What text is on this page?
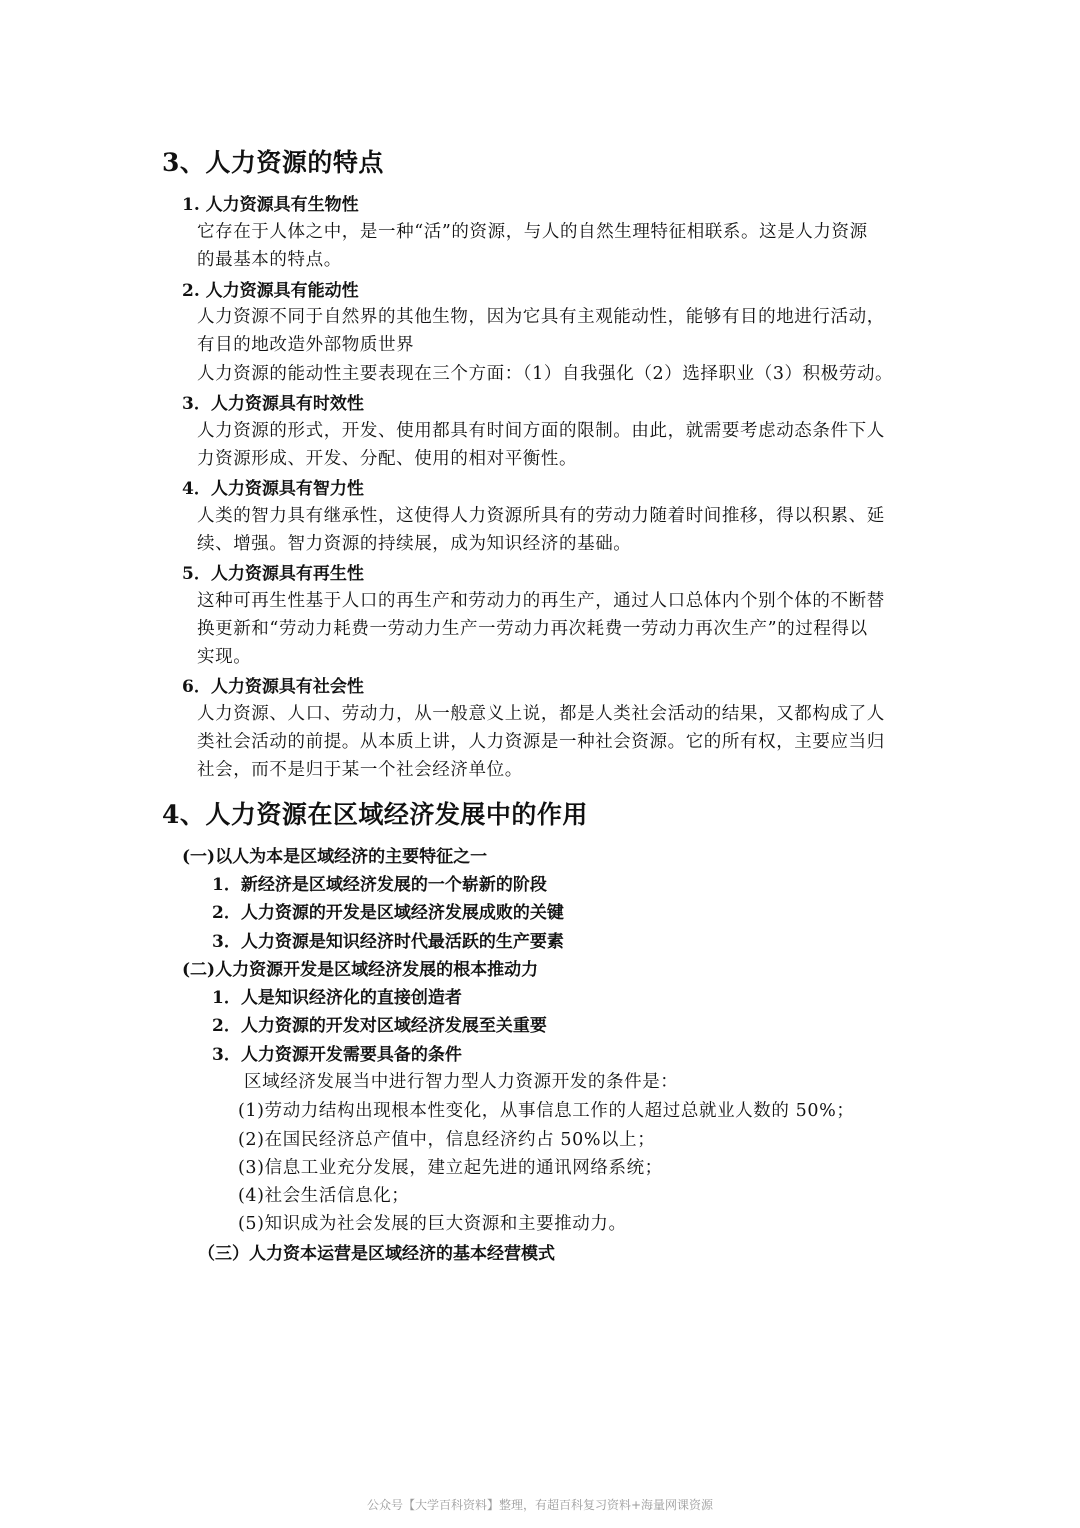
3、人力资源的特点
1. 人力资源具有生物性
它存在于人体之中，是一种“活”的资源，与人的自然生理特征相联系。这是人力资源
的最基本的特点。
2. 人力资源具有能动性
人力资源不同于自然界的其他生物，因为它具有主观能动性，能够有目的地进行活动，
有目的地改造外部物质世界
人力资源的能动性主要表现在三个方面：（1）自我强化（2）选择职业（3）积极劳动。
3．人力资源具有时效性
人力资源的形式，开发、使用都具有时间方面的限制。由此，就需要考虑动态条件下人
力资源形成、开发、分配、使用的相对平衡性。
4．人力资源具有智力性
人类的智力具有继承性，这使得人力资源所具有的劳动力随着时间推移，得以积累、延
续、增强。智力资源的持续展，成为知识经济的基础。
5．人力资源具有再生性
这种可再生性基于人口的再生产和劳动力的再生产，通过人口总体内个别个体的不断替
换更新和“劳动力耗费一劳动力生产一劳动力再次耗费一劳动力再次生产”的过程得以
实现。
6．人力资源具有社会性
人力资源、人口、劳动力，从一般意义上说，都是人类社会活动的结果，又都构成了人
类社会活动的前提。从本质上讲，人力资源是一种社会资源。它的所有权，主要应当归
社会，而不是归于某一个社会经济单位。
4、人力资源在区域经济发展中的作用
(一)以人为本是区域经济的主要特征之一
1．新经济是区域经济发展的一个崭新的阶段
2．人力资源的开发是区域经济发展成败的关键
3．人力资源是知识经济时代最活跃的生产要素
(二)人力资源开发是区域经济发展的根本推动力
1．人是知识经济化的直接创造者
2．人力资源的开发对区域经济发展至关重要
3．人力资源开发需要具备的条件
区域经济发展当中进行智力型人力资源开发的条件是：
(1)劳动力结构出现根本性变化，从事信息工作的人超过总就业人数的 50%；
(2)在国民经济总产值中，信息经济约占 50%以上；
(3)信息工业充分发展，建立起先进的通讯网络系统；
(4)社会生活信息化；
(5)知识成为社会发展的巨大资源和主要推动力。
（三）人力资本运营是区域经济的基本经营模式
公众号【大学百科资料】整理，有超百科复习资料+海量网课资源
